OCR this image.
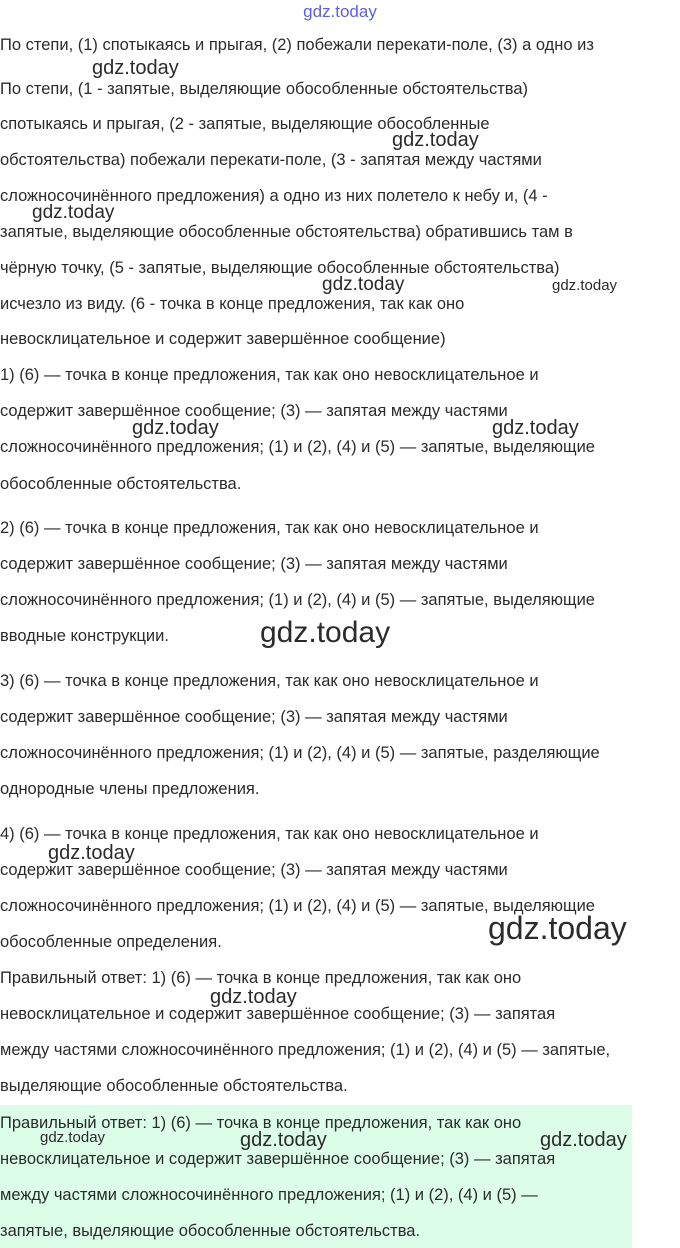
gdz.today
По степи, (1) спотыкаясь и прыгая, (2) побежали перекати-поле, (3) а одно из
По степи, (1 - запятые, выделяющие обособленные обстоятельства)
спотыкаясь и прыгая, (2 - запятые, выделяющие обособленные
обстоятельства) побежали перекати-поле, (3 - запятая между частями
сложносочинённого предложения) а одно из них полетело к небу и, (4 -
запятые, выделяющие обособленные обстоятельства) обратившись там в
чёрную точку, (5 - запятые, выделяющие обособленные обстоятельства)
исчезло из виду. (6 - точка в конце предложения, так как оно
невосклицательное и содержит завершённое сообщение)
1) (6) — точка в конце предложения, так как оно невосклицательное и
содержит завершённое сообщение; (3) — запятая между частями
сложносочинённого предложения; (1) и (2), (4) и (5) — запятые, выделяющие
обособленные обстоятельства.
2) (6) — точка в конце предложения, так как оно невосклицательное и
содержит завершённое сообщение; (3) — запятая между частями
сложносочинённого предложения; (1) и (2), (4) и (5) — запятые, выделяющие
вводные конструкции.
3) (6) — точка в конце предложения, так как оно невосклицательное и
содержит завершённое сообщение; (3) — запятая между частями
сложносочинённого предложения; (1) и (2), (4) и (5) — запятые, разделяющие
однородные члены предложения.
4) (6) — точка в конце предложения, так как оно невосклицательное и
содержит завершённое сообщение; (3) — запятая между частями
сложносочинённого предложения; (1) и (2), (4) и (5) — запятые, выделяющие
обособленные определения.
Правильный ответ: 1) (6) — точка в конце предложения, так как оно
невосклицательное и содержит завершённое сообщение; (3) — запятая
между частями сложносочинённого предложения; (1) и (2), (4) и (5) — запятые,
выделяющие обособленные обстоятельства.
Правильный ответ: 1) (6) — точка в конце предложения, так как оно
невосклицательное и содержит завершённое сообщение; (3) — запятая
между частями сложносочинённого предложения; (1) и (2), (4) и (5) —
запятые, выделяющие обособленные обстоятельства.
gdz.today
gdz.today
gdz.today
gdz.today	gdz.today
gdz.today	gdz.today
gdz.today
gdz.today
gdz.today
gdz.today
gdz.today	gdz.today	gdz.today
